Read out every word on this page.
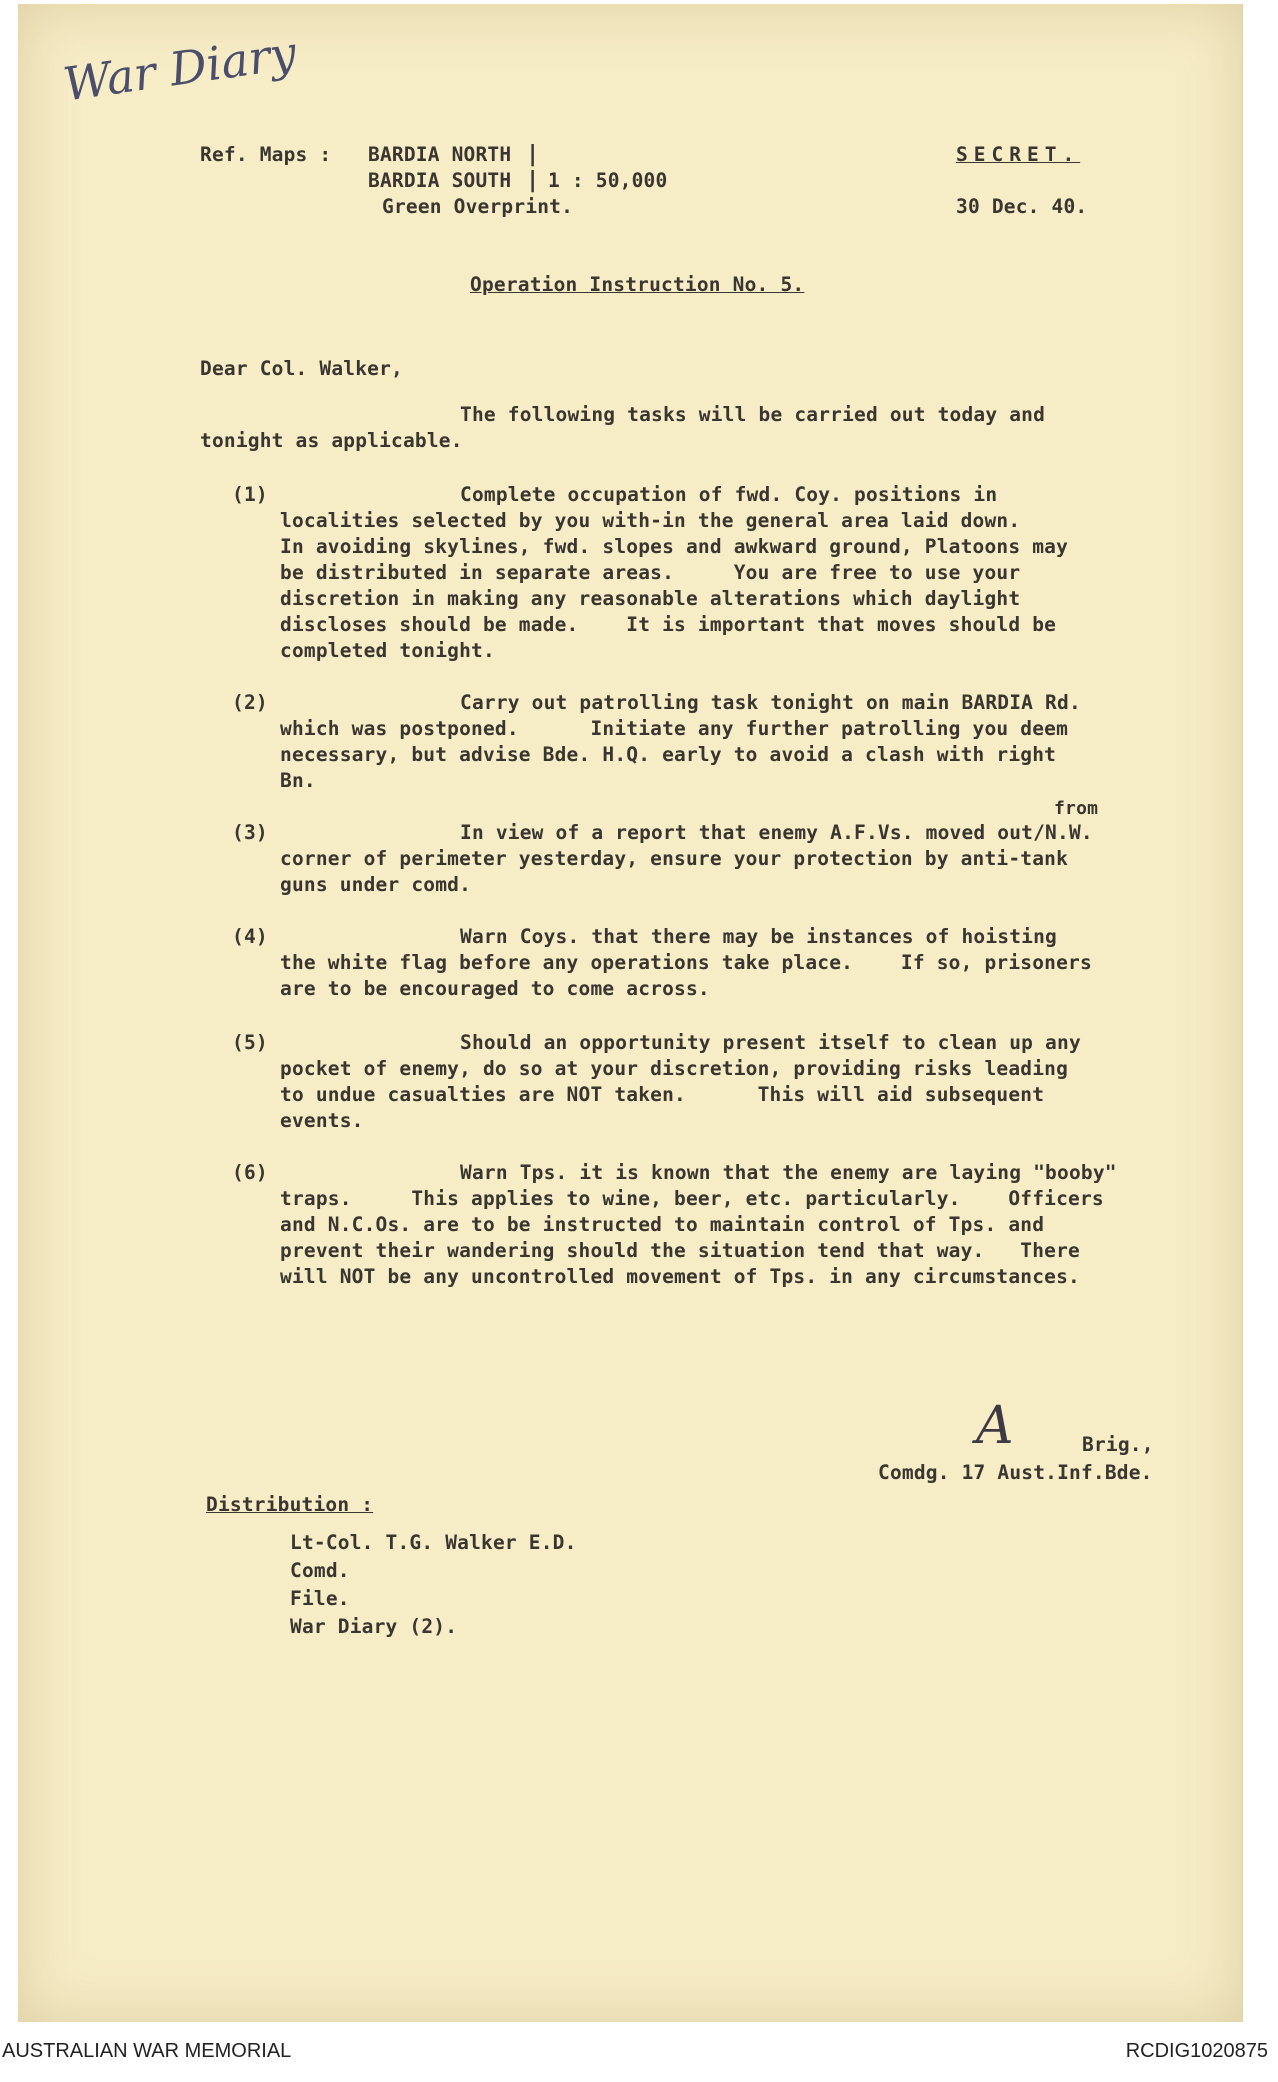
War Diary
Ref. Maps : BARDIA NORTH
BARDIA SOUTH
|
| 1 : 50,000
Green Overprint.
SECRET.
30 Dec. 40.
Operation Instruction No. 5.
Dear Col. Walker,
The following tasks will be carried out today and
tonight as applicable.
(1)	Complete occupation of fwd. Coy. positions in
localities selected by you with-in the general area laid down.
In avoiding skylines, fwd. slopes and awkward ground, Platoons may
be distributed in separate areas.     You are free to use your
discretion in making any reasonable alterations which daylight
discloses should be made.    It is important that moves should be
completed tonight.
(2)	Carry out patrolling task tonight on main BARDIA Rd.
which was postponed.      Initiate any further patrolling you deem
necessary, but advise Bde. H.Q. early to avoid a clash with right
Bn.
from
(3)	In view of a report that enemy A.F.Vs. moved out/N.W.
corner of perimeter yesterday, ensure your protection by anti-tank
guns under comd.
(4)	Warn Coys. that there may be instances of hoisting
the white flag before any operations take place.    If so, prisoners
are to be encouraged to come across.
(5)	Should an opportunity present itself to clean up any
pocket of enemy, do so at your discretion, providing risks leading
to undue casualties are NOT taken.      This will aid subsequent
events.
(6)	Warn Tps. it is known that the enemy are laying "booby"
traps.     This applies to wine, beer, etc. particularly.    Officers
and N.C.Os. are to be instructed to maintain control of Tps. and
prevent their wandering should the situation tend that way.   There
will NOT be any uncontrolled movement of Tps. in any circumstances.
A	Brig.,
Comdg. 17 Aust.Inf.Bde.
Distribution :
Lt-Col. T.G. Walker E.D.
Comd.
File.
War Diary (2).
AUSTRALIAN WAR MEMORIAL	RCDIG1020875
